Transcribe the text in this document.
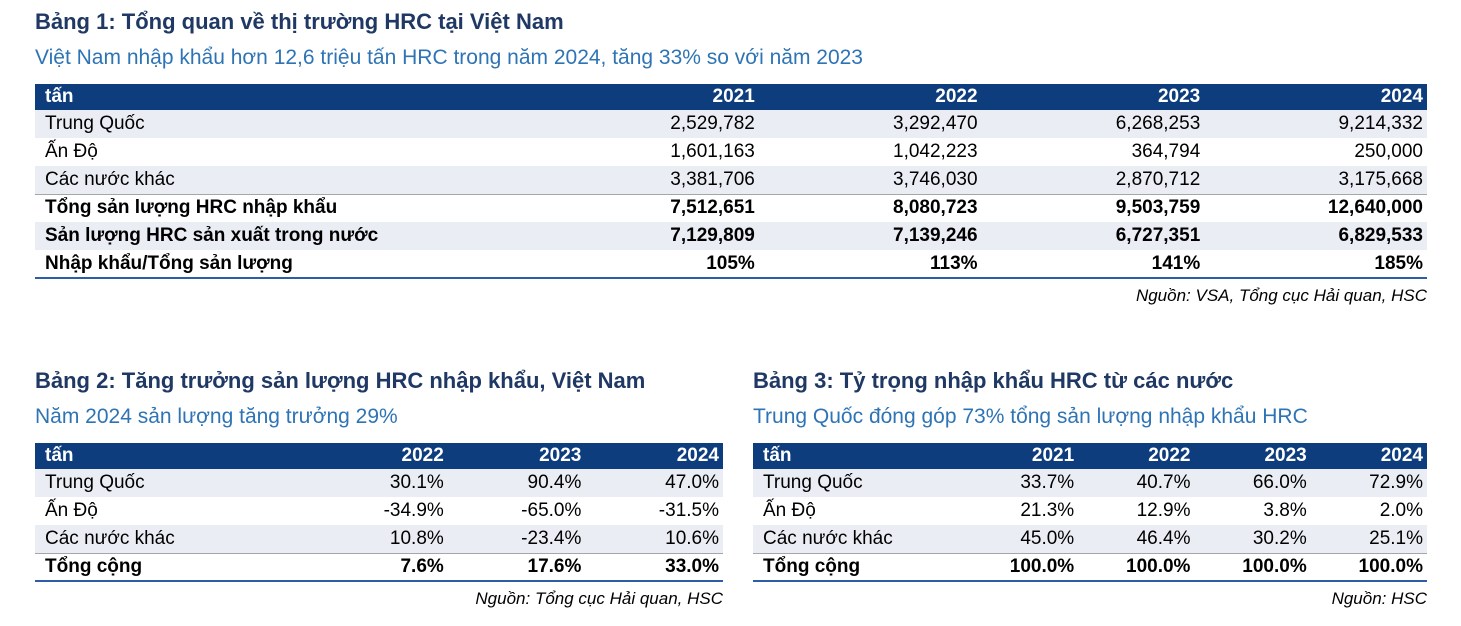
Bảng 1: Tổng quan về thị trường HRC tại Việt Nam
Việt Nam nhập khẩu hơn 12,6 triệu tấn HRC trong năm 2024, tăng 33% so với năm 2023
tấn	2021	2022	2023	2024
Trung Quốc	2,529,782	3,292,470	6,268,253	9,214,332
Ấn Độ	1,601,163	1,042,223	364,794	250,000
Các nước khác	3,381,706	3,746,030	2,870,712	3,175,668
Tổng sản lượng HRC nhập khẩu	7,512,651	8,080,723	9,503,759	12,640,000
Sản lượng HRC sản xuất trong nước	7,129,809	7,139,246	6,727,351	6,829,533
Nhập khẩu/Tổng sản lượng	105%	113%	141%	185%
Nguồn: VSA, Tổng cục Hải quan, HSC
Bảng 2: Tăng trưởng sản lượng HRC nhập khẩu, Việt Nam
Năm 2024 sản lượng tăng trưởng 29%
tấn	2022	2023	2024
Trung Quốc	30.1%	90.4%	47.0%
Ấn Độ	-34.9%	-65.0%	-31.5%
Các nước khác	10.8%	-23.4%	10.6%
Tổng cộng	7.6%	17.6%	33.0%
Nguồn: Tổng cục Hải quan, HSC
Bảng 3: Tỷ trọng nhập khẩu HRC từ các nước
Trung Quốc đóng góp 73% tổng sản lượng nhập khẩu HRC
tấn	2021	2022	2023	2024
Trung Quốc	33.7%	40.7%	66.0%	72.9%
Ấn Độ	21.3%	12.9%	3.8%	2.0%
Các nước khác	45.0%	46.4%	30.2%	25.1%
Tổng cộng	100.0%	100.0%	100.0%	100.0%
Nguồn: HSC
